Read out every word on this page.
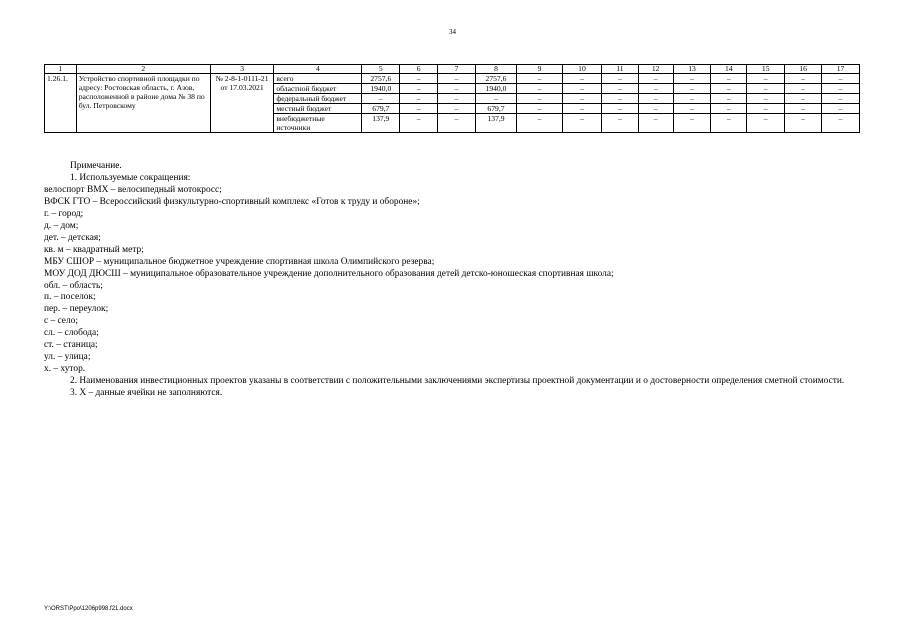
34
1	2	3	4	5	6	7	8	9	10	11	12	13	14	15	16	17
1.26.1.	Устройство спортивной площадки по адресу: Ростовская область, г. Азов, расположенной в районе дома № 38 по бул. Петровскому	№ 2-8-1-0111-21 от 17.03.2021	всего	2757,6	–	–	2757,6	–	–	–	–	–	–	–	–	–
			областной бюджет	1940,0	–	–	1940,0	–	–	–	–	–	–	–	–	–
			федеральный бюджет	–	–	–	–	–	–	–	–	–	–	–	–	–
			местный бюджет	679,7	–	–	679,7	–	–	–	–	–	–	–	–	–
			внебюджетные источники	137,9	–	–	137,9	–	–	–	–	–	–	–	–	–

Примечание.

1. Используемые сокращения:

велоспорт BMX – велосипедный мотокросс;

ВФСК ГТО – Всероссийский физкультурно-спортивный комплекс «Готов к труду и обороне»;

г. – город;

д. – дом;

дет. – детская;

кв. м – квадратный метр;

МБУ СШОР – муниципальное бюджетное учреждение спортивная школа Олимпийского резерва;

МОУ ДОД ДЮСШ – муниципальное образовательное учреждение дополнительного образования детей детско-юношеская спортивная школа;

обл. – область;

п. – поселок;

пер. – переулок;

с – село;

сл. – слобода;

ст. – станица;

ул. – улица;

х. – хутор.

2. Наименования инвестиционных проектов указаны в соответствии с положительными заключениями экспертизы проектной документации и о достоверности определения сметной стоимости.

3. Х – данные ячейки не заполняются.

Y:\ORST\Ppo\1206p998.f21.docx
